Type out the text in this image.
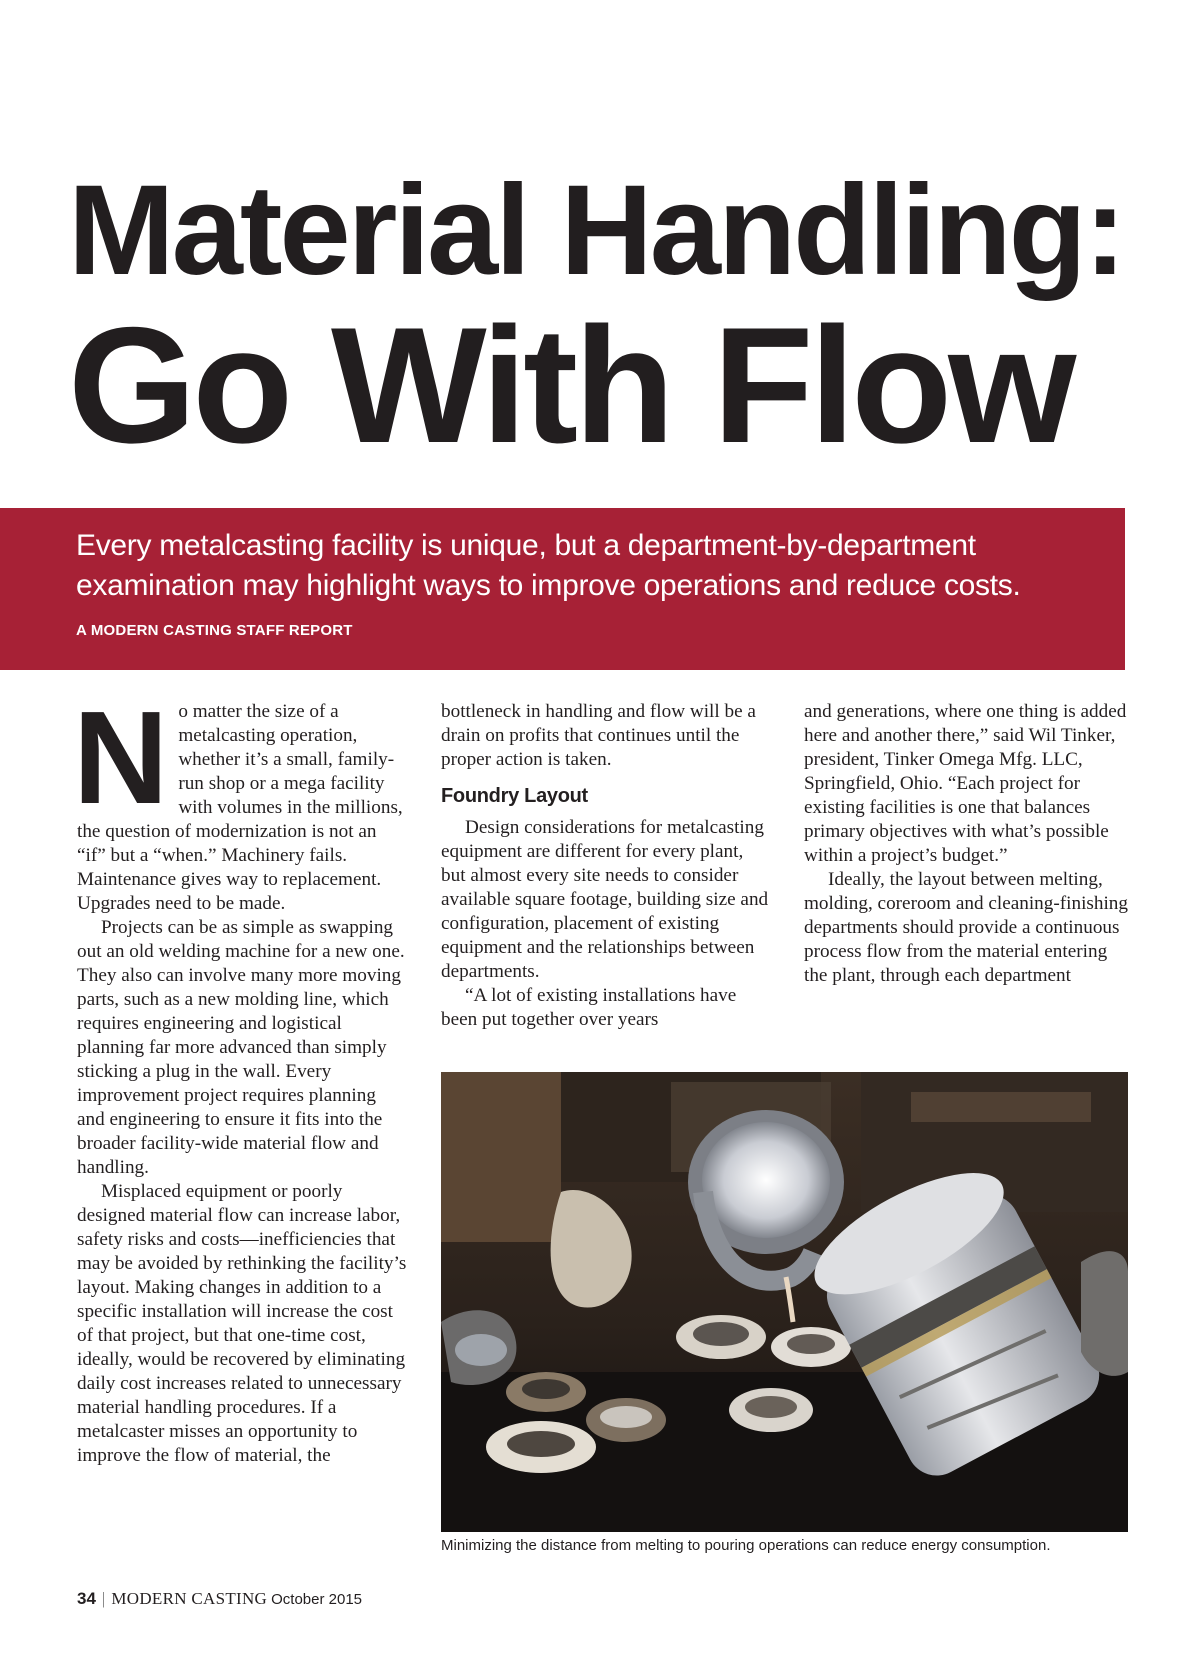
Material Handling:
Go With Flow
Every metalcasting facility is unique, but a department-by-department examination may highlight ways to improve operations and reduce costs.
A MODERN CASTING STAFF REPORT
N o matter the size of a metalcasting operation, whether it’s a small, family-run shop or a mega facility with volumes in the millions, the question of modernization is not an “if” but a “when.” Machinery fails. Maintenance gives way to replacement. Upgrades need to be made.

Projects can be as simple as swapping out an old welding machine for a new one. They also can involve many more moving parts, such as a new molding line, which requires engineering and logistical planning far more advanced than simply sticking a plug in the wall. Every improvement project requires planning and engineering to ensure it fits into the broader facility-wide material flow and handling.

Misplaced equipment or poorly designed material flow can increase labor, safety risks and costs—inefficiencies that may be avoided by rethinking the facility’s layout. Making changes in addition to a specific installation will increase the cost of that project, but that one-time cost, ideally, would be recovered by eliminating daily cost increases related to unnecessary material handling procedures. If a metalcaster misses an opportunity to improve the flow of material, the

bottleneck in handling and flow will be a drain on profits that continues until the proper action is taken.

Foundry Layout

Design considerations for metalcasting equipment are different for every plant, but almost every site needs to consider available square footage, building size and configuration, placement of existing equipment and the relationships between departments.

“A lot of existing installations have been put together over years

and generations, where one thing is added here and another there,” said Wil Tinker, president, Tinker Omega Mfg. LLC, Springfield, Ohio. “Each project for existing facilities is one that balances primary objectives with what’s possible within a project’s budget.”

Ideally, the layout between melting, molding, coreroom and cleaning-finishing departments should provide a continuous process flow from the material entering the plant, through each department

Minimizing the distance from melting to pouring operations can reduce energy consumption.
34 | MODERN CASTING October 2015
